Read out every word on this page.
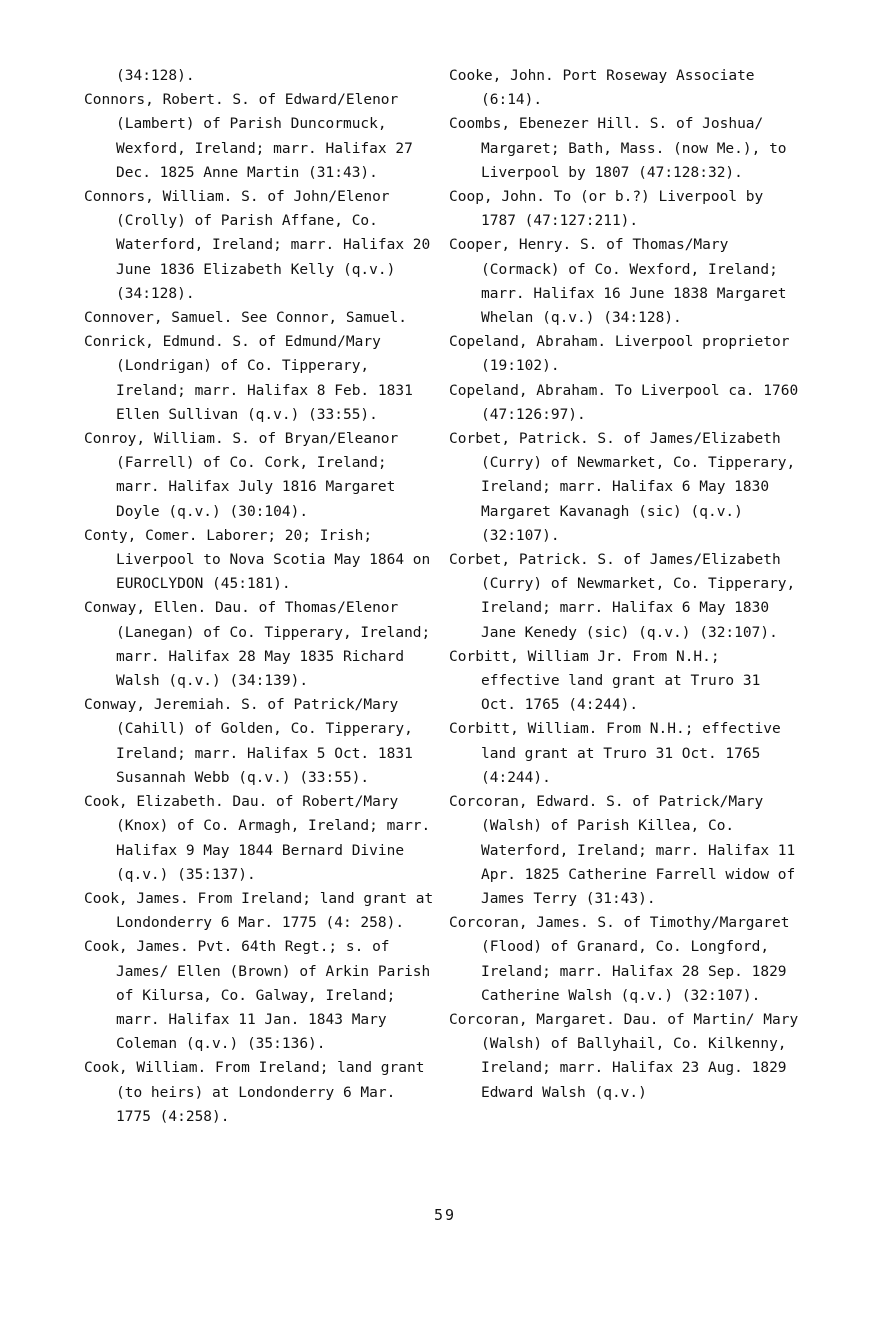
(34:128).
Connors, Robert. S. of Edward/Elenor (Lambert) of Parish Duncormuck, Wexford, Ireland; marr. Halifax 27 Dec. 1825 Anne Martin (31:43).
Connors, William. S. of John/Elenor (Crolly) of Parish Affane, Co. Waterford, Ireland; marr. Halifax 20 June 1836 Elizabeth Kelly (q.v.) (34:128).
Connover, Samuel. See Connor, Samuel.
Conrick, Edmund. S. of Edmund/Mary (Londrigan) of Co. Tipperary, Ireland; marr. Halifax 8 Feb. 1831 Ellen Sullivan (q.v.) (33:55).
Conroy, William. S. of Bryan/Eleanor (Farrell) of Co. Cork, Ireland; marr. Halifax July 1816 Margaret Doyle (q.v.) (30:104).
Conty, Comer. Laborer; 20; Irish; Liverpool to Nova Scotia May 1864 on EUROCLYDON (45:181).
Conway, Ellen. Dau. of Thomas/Elenor (Lanegan) of Co. Tipperary, Ireland; marr. Halifax 28 May 1835 Richard Walsh (q.v.) (34:139).
Conway, Jeremiah. S. of Patrick/Mary (Cahill) of Golden, Co. Tipperary, Ireland; marr. Halifax 5 Oct. 1831 Susannah Webb (q.v.) (33:55).
Cook, Elizabeth. Dau. of Robert/Mary (Knox) of Co. Armagh, Ireland; marr. Halifax 9 May 1844 Bernard Divine (q.v.) (35:137).
Cook, James. From Ireland; land grant at Londonderry 6 Mar. 1775 (4: 258).
Cook, James. Pvt. 64th Regt.; s. of James/ Ellen (Brown) of Arkin Parish of Kilursa, Co. Galway, Ireland; marr. Halifax 11 Jan. 1843 Mary Coleman (q.v.) (35:136).
Cook, William. From Ireland; land grant (to heirs) at Londonderry 6 Mar. 1775 (4:258).
Cooke, John. Port Roseway Associate (6:14).
Coombs, Ebenezer Hill. S. of Joshua/ Margaret; Bath, Mass. (now Me.), to Liverpool by 1807 (47:128:32).
Coop, John. To (or b.?) Liverpool by 1787 (47:127:211).
Cooper, Henry. S. of Thomas/Mary (Cormack) of Co. Wexford, Ireland; marr. Halifax 16 June 1838 Margaret Whelan (q.v.) (34:128).
Copeland, Abraham. Liverpool proprietor (19:102).
Copeland, Abraham. To Liverpool ca. 1760 (47:126:97).
Corbet, Patrick. S. of James/Elizabeth (Curry) of Newmarket, Co. Tipperary, Ireland; marr. Halifax 6 May 1830 Margaret Kavanagh (sic) (q.v.) (32:107).
Corbet, Patrick. S. of James/Elizabeth (Curry) of Newmarket, Co. Tipperary, Ireland; marr. Halifax 6 May 1830 Jane Kenedy (sic) (q.v.) (32:107).
Corbitt, William Jr. From N.H.; effective land grant at Truro 31 Oct. 1765 (4:244).
Corbitt, William. From N.H.; effective land grant at Truro 31 Oct. 1765 (4:244).
Corcoran, Edward. S. of Patrick/Mary (Walsh) of Parish Killea, Co. Waterford, Ireland; marr. Halifax 11 Apr. 1825 Catherine Farrell widow of James Terry (31:43).
Corcoran, James. S. of Timothy/Margaret (Flood) of Granard, Co. Longford, Ireland; marr. Halifax 28 Sep. 1829 Catherine Walsh (q.v.) (32:107).
Corcoran, Margaret. Dau. of Martin/ Mary (Walsh) of Ballyhail, Co. Kilkenny, Ireland; marr. Halifax 23 Aug. 1829 Edward Walsh (q.v.)
59
